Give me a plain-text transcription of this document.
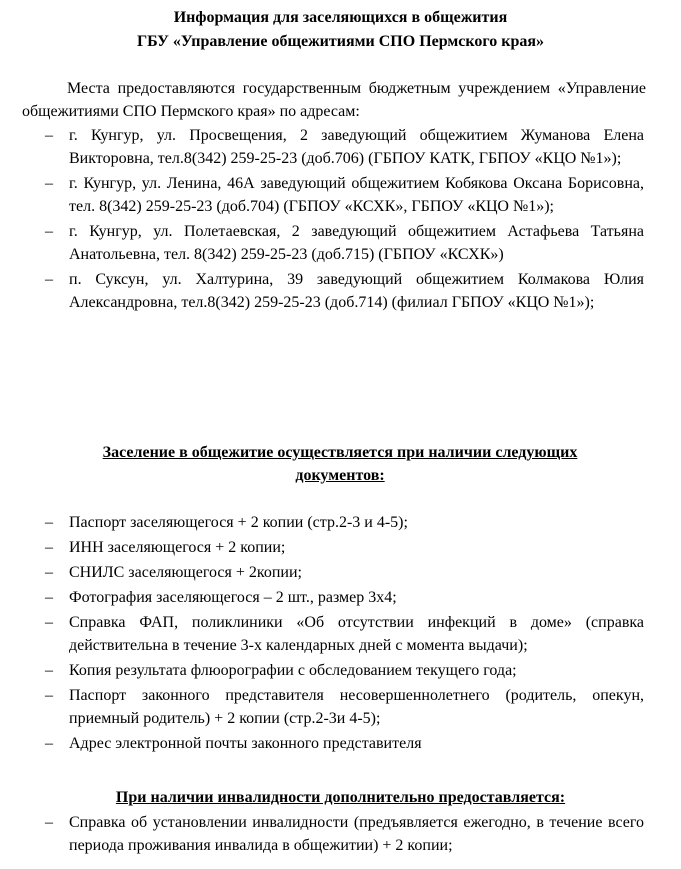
Информация для заселяющихся в общежития

ГБУ «Управление общежитиями СПО Пермского края»

Места предоставляются государственным бюджетным учреждением «Управление общежитиями СПО Пермского края» по адресам:

– г. Кунгур, ул. Просвещения, 2 заведующий общежитием Жуманова Елена Викторовна, тел.8(342) 259-25-23 (доб.706) (ГБПОУ КАТК, ГБПОУ «КЦО №1»);
– г. Кунгур, ул. Ленина, 46А заведующий общежитием Кобякова Оксана Борисовна, тел. 8(342) 259-25-23 (доб.704) (ГБПОУ «КСХК», ГБПОУ «КЦО №1»);
– г. Кунгур, ул. Полетаевская, 2 заведующий общежитием Астафьева Татьяна Анатольевна, тел. 8(342) 259-25-23 (доб.715) (ГБПОУ «КСХК»)
– п. Суксун, ул. Халтурина, 39 заведующий общежитием Колмакова Юлия Александровна, тел.8(342) 259-25-23 (доб.714) (филиал ГБПОУ «КЦО №1»);

Заселение в общежитие осуществляется при наличии следующих документов:

– Паспорт заселяющегося + 2 копии (стр.2-3 и 4-5);
– ИНН заселяющегося + 2 копии;
– СНИЛС заселяющегося + 2копии;
– Фотография заселяющегося – 2 шт., размер 3х4;
– Справка ФАП, поликлиники «Об отсутствии инфекций в доме» (справка действительна в течение 3-х календарных дней с момента выдачи);
– Копия результата флюорографии с обследованием текущего года;
– Паспорт законного представителя несовершеннолетнего (родитель, опекун, приемный родитель) + 2 копии (стр.2-3и 4-5);
– Адрес электронной почты законного представителя

При наличии инвалидности дополнительно предоставляется:

– Справка об установлении инвалидности (предъявляется ежегодно, в течение всего периода проживания инвалида в общежитии) + 2 копии;
